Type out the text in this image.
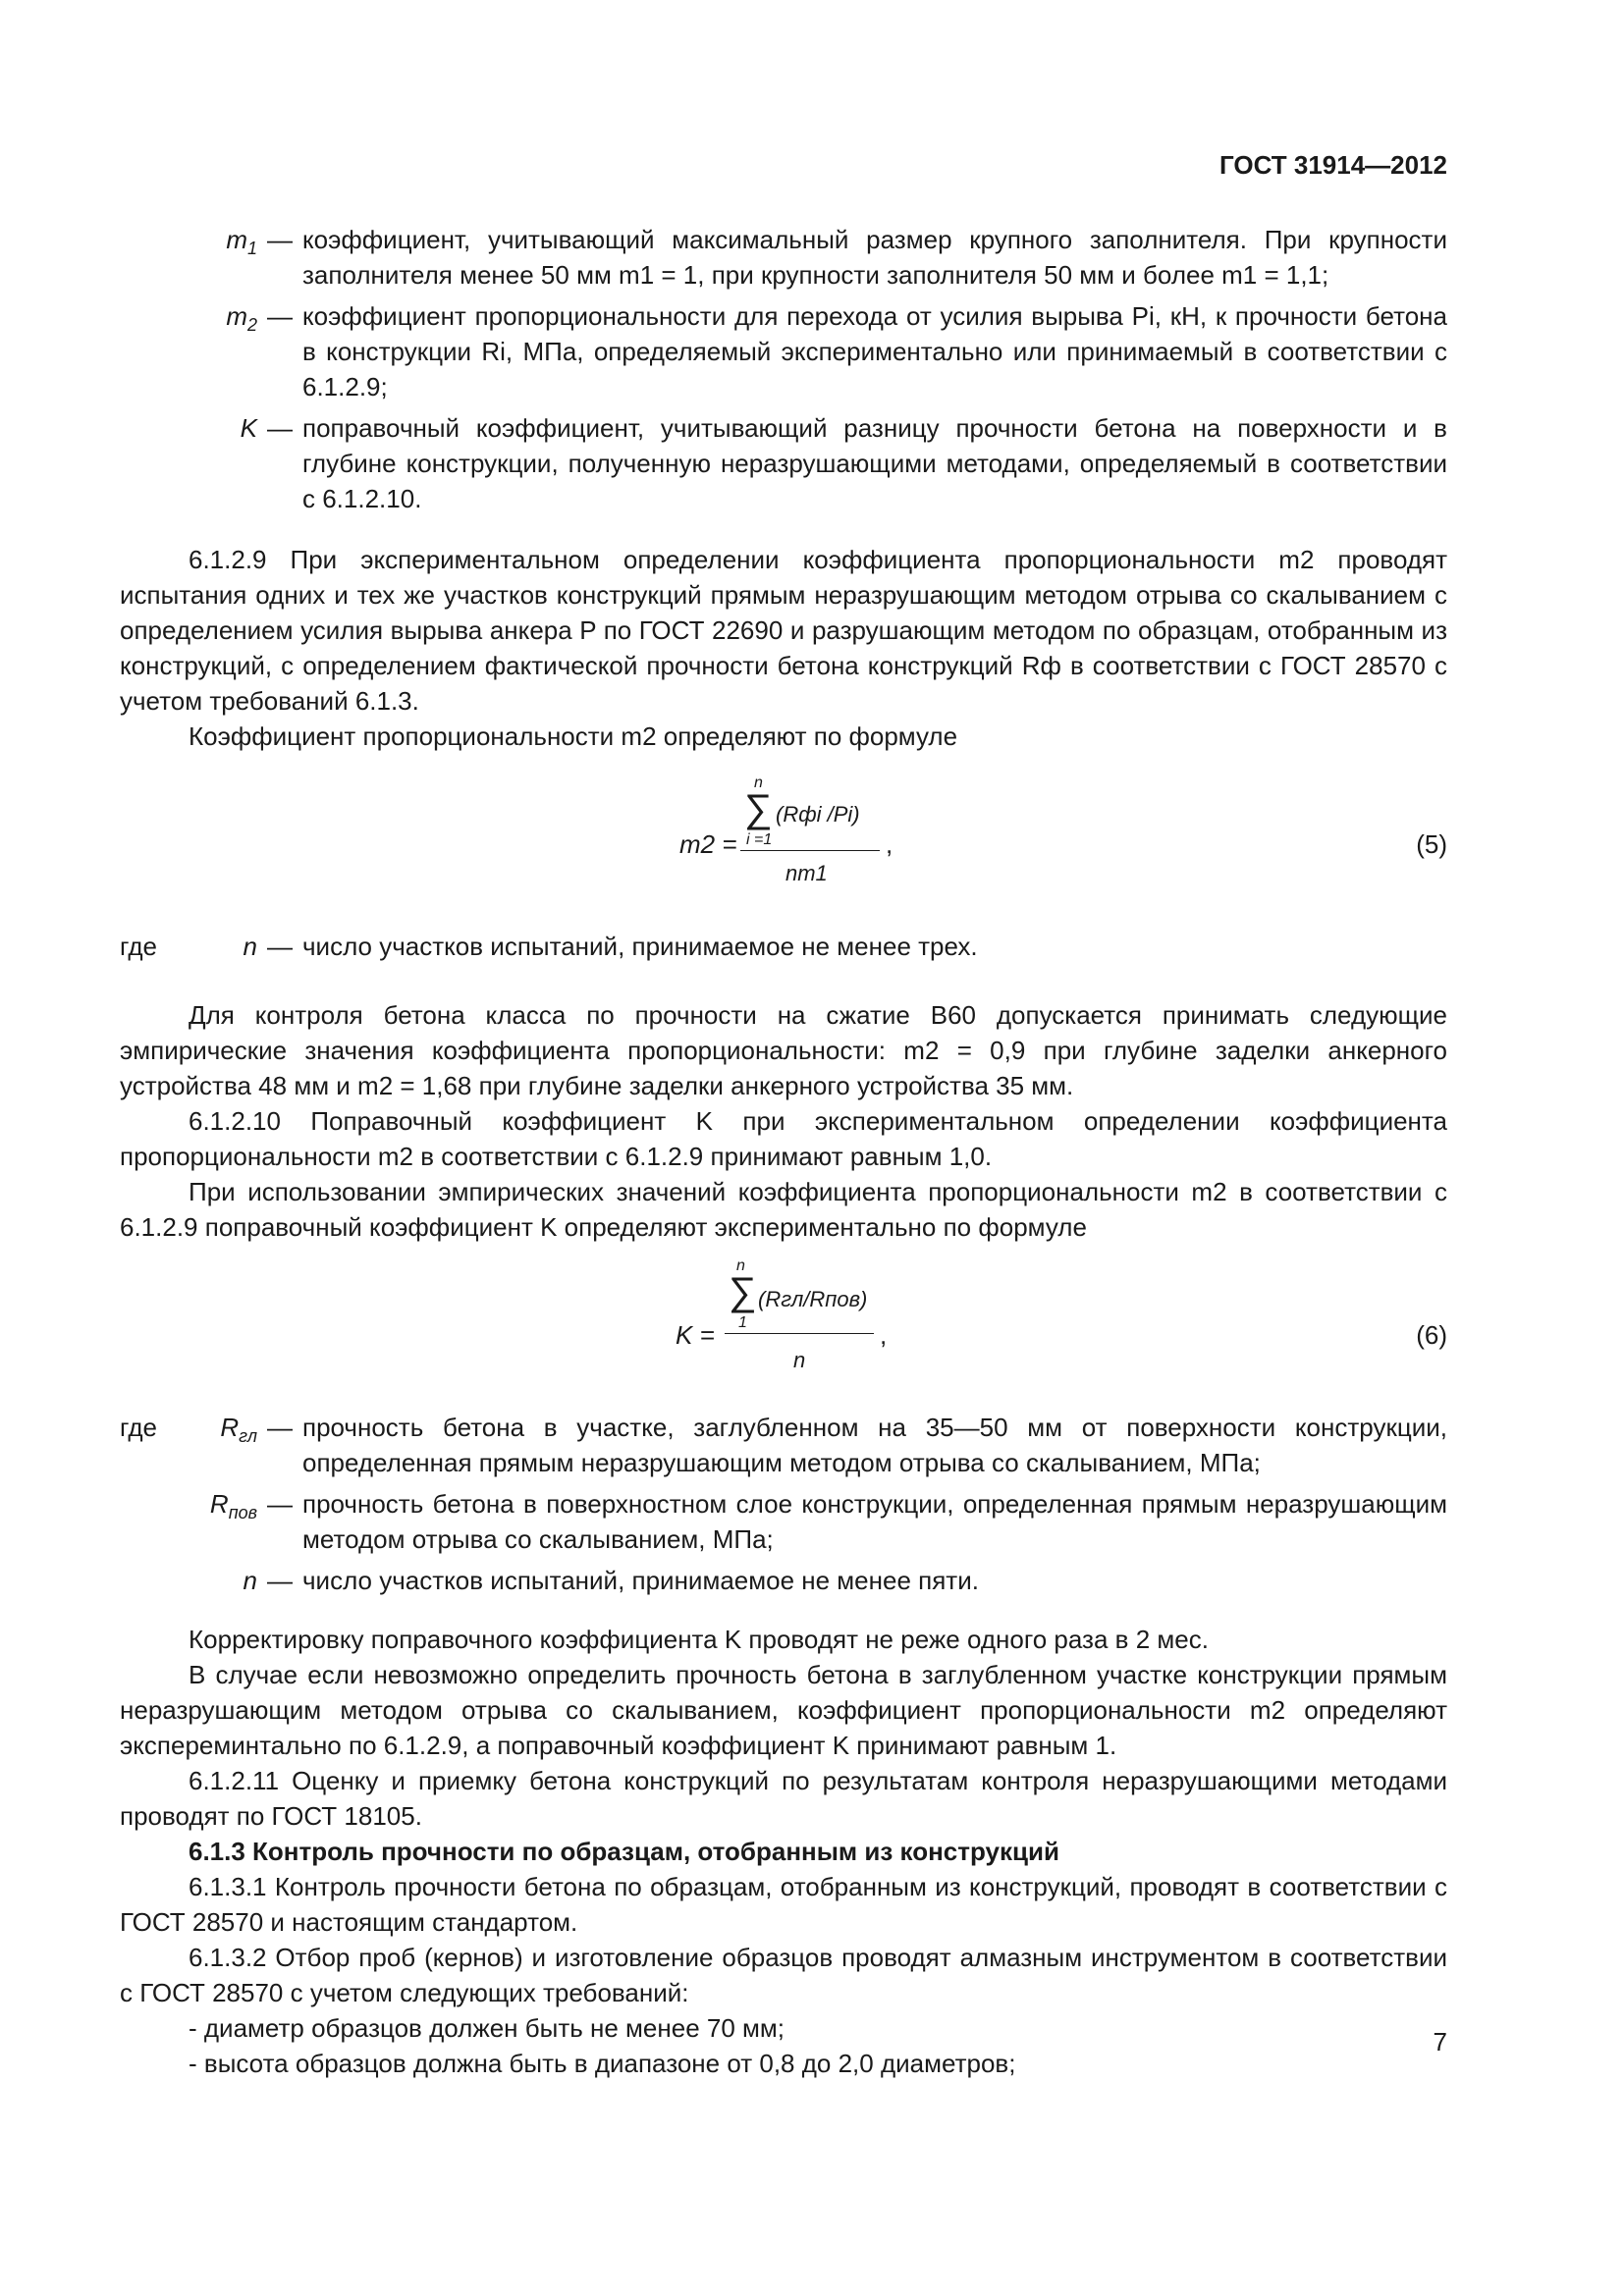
ГОСТ 31914—2012
$m_1$ — коэффициент, учитывающий максимальный размер крупного заполнителя. При крупности заполнителя менее 50 мм m1 = 1, при крупности заполнителя 50 мм и более m1 = 1,1;
$m_2$ — коэффициент пропорциональности для перехода от усилия вырыва Pi, кН, к прочности бетона в конструкции Ri, МПа, определяемый экспериментально или принимаемый в соответствии с 6.1.2.9;
K — поправочный коэффициент, учитывающий разницу прочности бетона на поверхности и в глубине конструкции, полученную неразрушающими методами, определяемый в соответствии с 6.1.2.10.

6.1.2.9 При экспериментальном определении коэффициента пропорциональности m2 проводят испытания одних и тех же участков конструкций прямым неразрушающим методом отрыва со скалыванием с определением усилия вырыва анкера P по ГОСТ 22690 и разрушающим методом по образцам, отобранным из конструкций, с определением фактической прочности бетона конструкций Rф в соответствии с ГОСТ 28570 с учетом требований 6.1.3.

Коэффициент пропорциональности m2 определяют по формуле

m2 =
n
∑
i =1
(Rфi /Pi)
nm1
,	(5)
где	n — число участков испытаний, принимаемое не менее трех.

Для контроля бетона класса по прочности на сжатие В60 допускается принимать следующие эмпирические значения коэффициента пропорциональности: m2 = 0,9 при глубине заделки анкерного устройства 48 мм и m2 = 1,68 при глубине заделки анкерного устройства 35 мм.

6.1.2.10 Поправочный коэффициент K при экспериментальном определении коэффициента пропорциональности m2 в соответствии с 6.1.2.9 принимают равным 1,0.

При использовании эмпирических значений коэффициента пропорциональности m2 в соответствии с 6.1.2.9 поправочный коэффициент K определяют экспериментально по формуле

K =
n
∑
1
(Rгл/Rпов)
n
,	(6)
где	$R_{гл}$ — прочность бетона в участке, заглубленном на 35—50 мм от поверхности конструкции, определенная прямым неразрушающим методом отрыва со скалыванием, МПа;
$R_{пов}$ — прочность бетона в поверхностном слое конструкции, определенная прямым неразрушающим методом отрыва со скалыванием, МПа;
n — число участков испытаний, принимаемое не менее пяти.

Корректировку поправочного коэффициента K проводят не реже одного раза в 2 мес.

В случае если невозможно определить прочность бетона в заглубленном участке конструкции прямым неразрушающим методом отрыва со скалыванием, коэффициент пропорциональности m2 определяют экспереминтально по 6.1.2.9, а поправочный коэффициент K принимают равным 1.

6.1.2.11 Оценку и приемку бетона конструкций по результатам контроля неразрушающими методами проводят по ГОСТ 18105.

6.1.3 Контроль прочности по образцам, отобранным из конструкций

6.1.3.1 Контроль прочности бетона по образцам, отобранным из конструкций, проводят в соответствии с ГОСТ 28570 и настоящим стандартом.

6.1.3.2 Отбор проб (кернов) и изготовление образцов проводят алмазным инструментом в соответствии с ГОСТ 28570 с учетом следующих требований:

- диаметр образцов должен быть не менее 70 мм;

- высота образцов должна быть в диапазоне от 0,8 до 2,0 диаметров;

7
